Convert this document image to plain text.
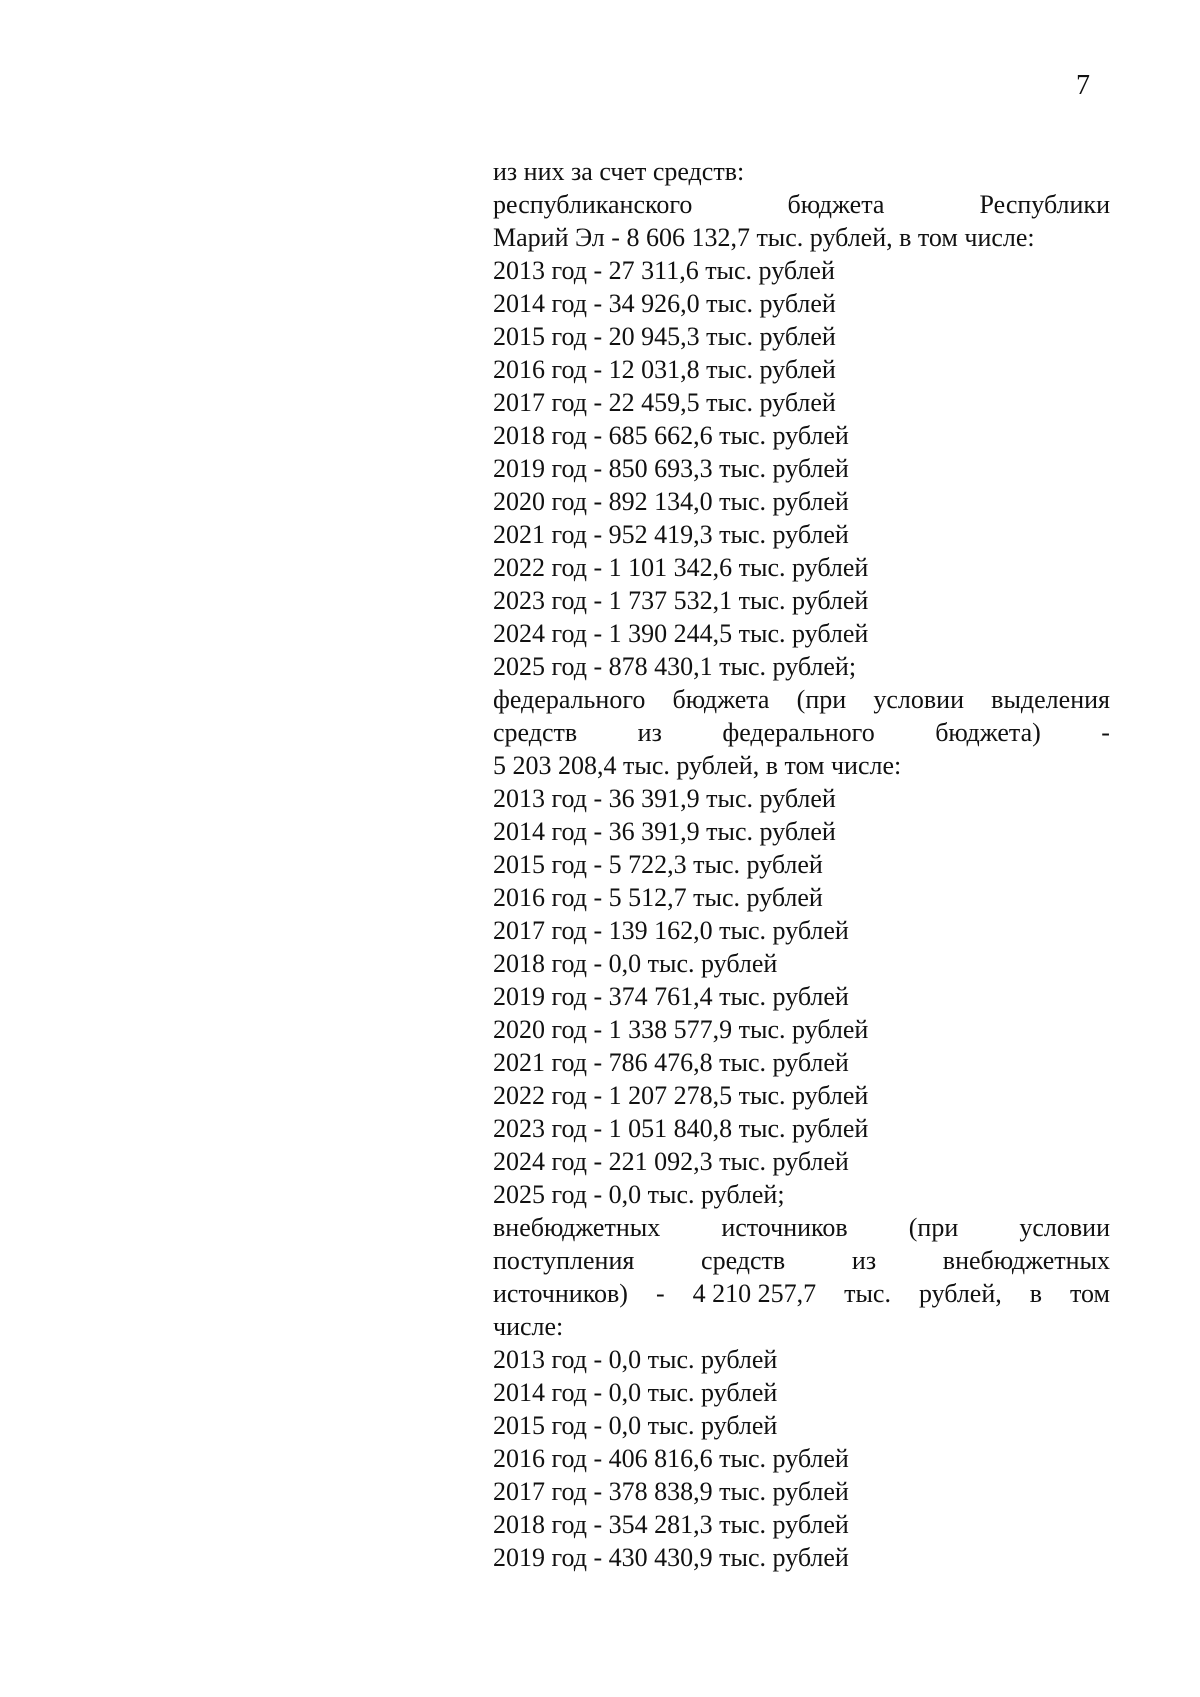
7
из них за счет средств:
республиканского	бюджета	Республики
Марий Эл - 8 606 132,7 тыс. рублей, в том числе:
2013 год - 27 311,6 тыс. рублей
2014 год - 34 926,0 тыс. рублей
2015 год - 20 945,3 тыс. рублей
2016 год - 12 031,8 тыс. рублей
2017 год - 22 459,5 тыс. рублей
2018 год - 685 662,6 тыс. рублей
2019 год - 850 693,3 тыс. рублей
2020 год - 892 134,0 тыс. рублей
2021 год - 952 419,3 тыс. рублей
2022 год - 1 101 342,6 тыс. рублей
2023 год - 1 737 532,1 тыс. рублей
2024 год - 1 390 244,5 тыс. рублей
2025 год - 878 430,1 тыс. рублей;
федерального бюджета (при условии выделения
средств из федерального бюджета) -
5 203 208,4 тыс. рублей, в том числе:
2013 год - 36 391,9 тыс. рублей
2014 год - 36 391,9 тыс. рублей
2015 год - 5 722,3 тыс. рублей
2016 год - 5 512,7 тыс. рублей
2017 год - 139 162,0 тыс. рублей
2018 год - 0,0 тыс. рублей
2019 год - 374 761,4 тыс. рублей
2020 год - 1 338 577,9 тыс. рублей
2021 год - 786 476,8 тыс. рублей
2022 год - 1 207 278,5 тыс. рублей
2023 год - 1 051 840,8 тыс. рублей
2024 год - 221 092,3 тыс. рублей
2025 год - 0,0 тыс. рублей;
внебюджетных источников (при условии
поступления	средств	из	внебюджетных
источников) - 4 210 257,7 тыс. рублей, в том
числе:
2013 год - 0,0 тыс. рублей
2014 год - 0,0 тыс. рублей
2015 год - 0,0 тыс. рублей
2016 год - 406 816,6 тыс. рублей
2017 год - 378 838,9 тыс. рублей
2018 год - 354 281,3 тыс. рублей
2019 год - 430 430,9 тыс. рублей
